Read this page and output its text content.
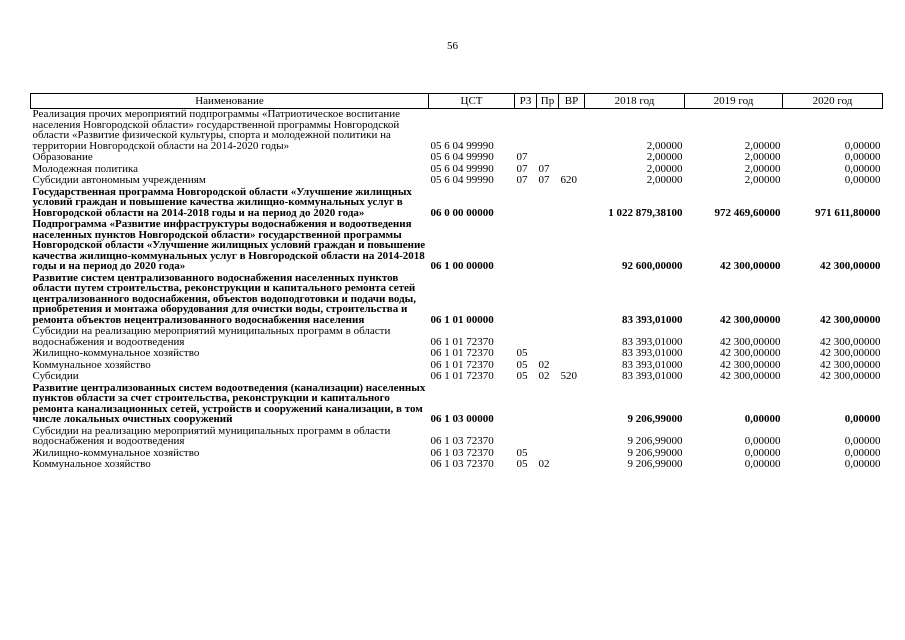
56
Наименование	ЦСТ	РЗ	Пр	ВР	2018 год	2019 год	2020 год
Реализация прочих мероприятий подпрограммы «Патриотическое воспитание населения Новгородской области» государственной программы Новгородской области «Развитие физической культуры, спорта и молодежной политики на территории Новгородской области на 2014-2020 годы»	05 6 04 99990				2,00000	2,00000	0,00000
Образование	05 6 04 99990	07			2,00000	2,00000	0,00000
Молодежная политика	05 6 04 99990	07	07		2,00000	2,00000	0,00000
Субсидии автономным учреждениям	05 6 04 99990	07	07	620	2,00000	2,00000	0,00000
Государственная программа Новгородской области «Улучшение жилищных условий граждан и повышение качества жилищно-коммунальных услуг в Новгородской области на 2014-2018 годы и на период до 2020 года»	06 0 00 00000				1 022 879,38100	972 469,60000	971 611,80000
Подпрограмма «Развитие инфраструктуры водоснабжения и водоотведения населенных пунктов Новгородской области» государственной программы Новгородской области «Улучшение жилищных условий граждан и повышение качества жилищно-коммунальных услуг в Новгородской области на 2014-2018 годы и на период до 2020 года»	06 1 00 00000				92 600,00000	42 300,00000	42 300,00000
Развитие систем централизованного водоснабжения населенных пунктов области путем строительства, реконструкции и капитального ремонта сетей централизованного водоснабжения, объектов водоподготовки и подачи воды, приобретения и монтажа оборудования для очистки воды, строительства и ремонта объектов нецентрализованного водоснабжения населения	06 1 01 00000				83 393,01000	42 300,00000	42 300,00000
Субсидии на реализацию мероприятий муниципальных программ в области водоснабжения и водоотведения	06 1 01 72370				83 393,01000	42 300,00000	42 300,00000
Жилищно-коммунальное хозяйство	06 1 01 72370	05			83 393,01000	42 300,00000	42 300,00000
Коммунальное хозяйство	06 1 01 72370	05	02		83 393,01000	42 300,00000	42 300,00000
Субсидии	06 1 01 72370	05	02	520	83 393,01000	42 300,00000	42 300,00000
Развитие централизованных систем водоотведения (канализации) населенных пунктов области за счет строительства, реконструкции и капитального ремонта канализационных сетей, устройств и сооружений канализации, в том числе локальных очистных сооружений	06 1 03 00000				9 206,99000	0,00000	0,00000
Субсидии на реализацию мероприятий муниципальных программ в области водоснабжения и водоотведения	06 1 03 72370				9 206,99000	0,00000	0,00000
Жилищно-коммунальное хозяйство	06 1 03 72370	05			9 206,99000	0,00000	0,00000
Коммунальное хозяйство	06 1 03 72370	05	02		9 206,99000	0,00000	0,00000
